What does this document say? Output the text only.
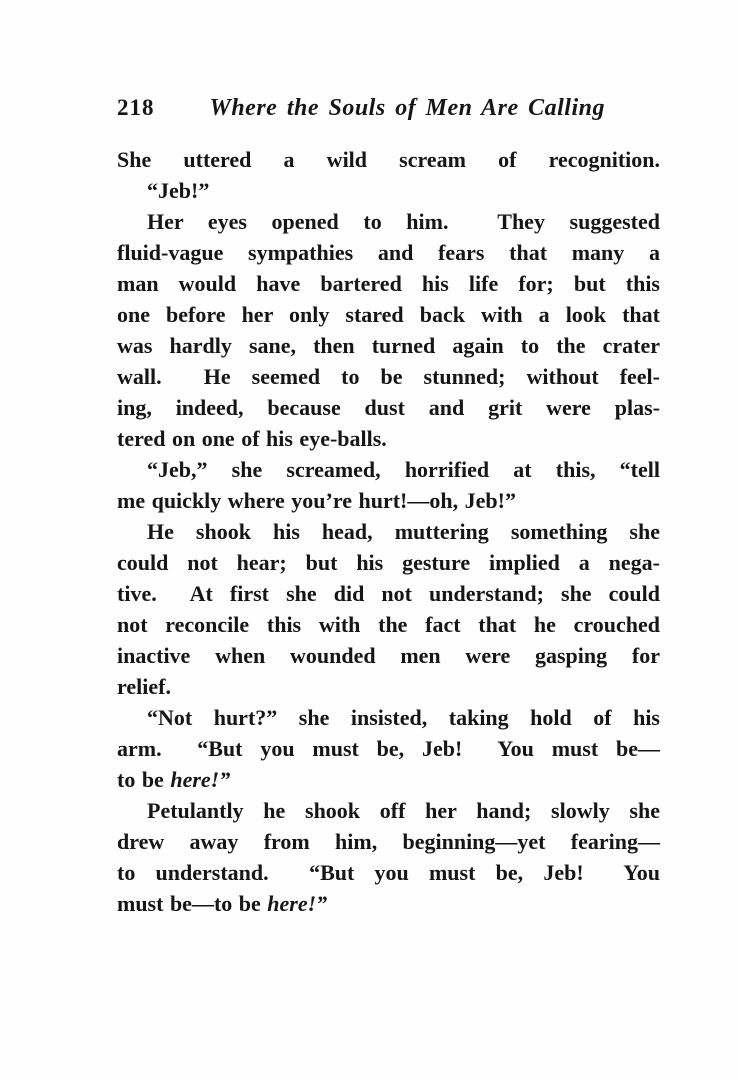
218	Where the Souls of Men Are Calling
She uttered a wild scream of recognition.
“Jeb!”
Her eyes opened to him.  They suggested
fluid-vague sympathies and fears that many a
man would have bartered his life for; but this
one before her only stared back with a look that
was hardly sane, then turned again to the crater
wall.  He seemed to be stunned; without feel-
ing, indeed, because dust and grit were plas-
tered on one of his eye-balls.
“Jeb,” she screamed, horrified at this, “tell
me quickly where you’re hurt!—oh, Jeb!”
He shook his head, muttering something she
could not hear; but his gesture implied a nega-
tive.  At first she did not understand; she could
not reconcile this with the fact that he crouched
inactive when wounded men were gasping for
relief.
“Not hurt?” she insisted, taking hold of his
arm.  “But you must be, Jeb!  You must be—
to be here!”
Petulantly he shook off her hand; slowly she
drew away from him, beginning—yet fearing—
to understand.  “But you must be, Jeb!  You
must be—to be here!”
